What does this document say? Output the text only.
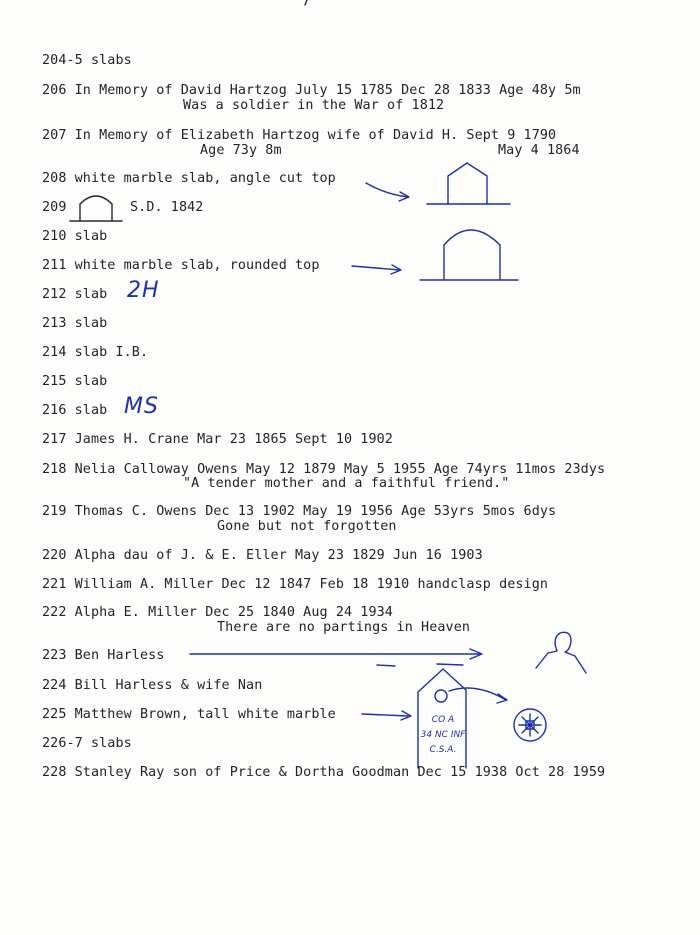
204-5 slabs
206 In Memory of David Hartzog July 15 1785 Dec 28 1833 Age 48y 5m
Was a soldier in the War of 1812
207 In Memory of Elizabeth Hartzog wife of David H. Sept 9 1790
Age 73y 8m	May 4 1864
208 white marble slab, angle cut top
209	S.D. 1842
210 slab
211 white marble slab, rounded top
212 slab 2H
213 slab
214 slab I.B.
215 slab
216 slab MS
217 James H. Crane Mar 23 1865 Sept 10 1902
218 Nelia Calloway Owens May 12 1879 May 5 1955 Age 74yrs 11mos 23dys
"A tender mother and a faithful friend."
219 Thomas C. Owens Dec 13 1902 May 19 1956 Age 53yrs 5mos 6dys
Gone but not forgotten
220 Alpha dau of J. & E. Eller May 23 1829 Jun 16 1903
221 William A. Miller Dec 12 1847 Feb 18 1910 handclasp design
222 Alpha E. Miller Dec 25 1840 Aug 24 1934
There are no partings in Heaven
223 Ben Harless
224 Bill Harless & wife Nan
225 Matthew Brown, tall white marble	CO A
34 NC INF
C.S.A.
226-7 slabs
228 Stanley Ray son of Price & Dortha Goodman Dec 15 1938 Oct 28 1959
